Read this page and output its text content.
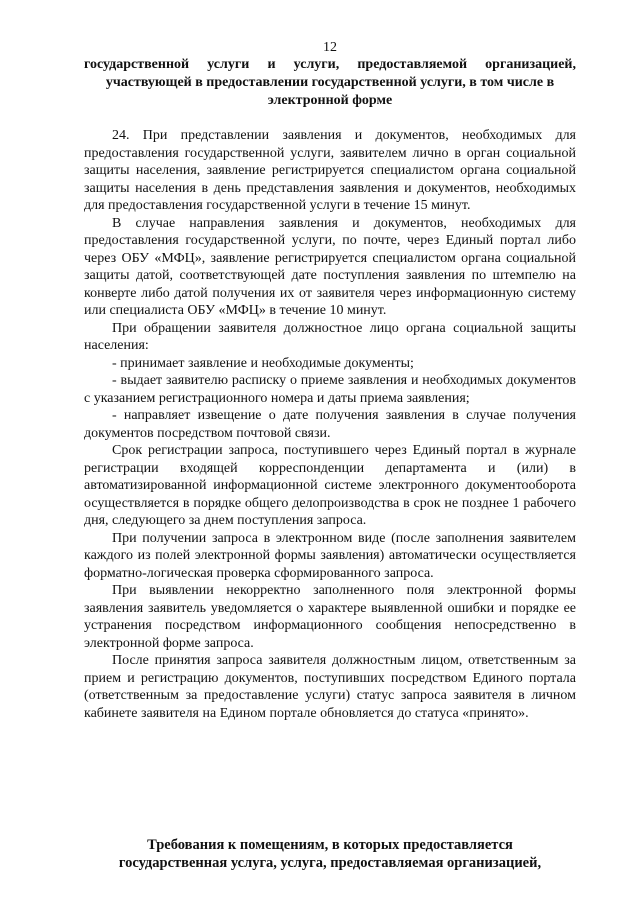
12
государственной услуги и услуги, предоставляемой организацией,
участвующей в предоставлении государственной услуги, в том числе в
электронной форме

24. При представлении заявления и документов, необходимых для предоставления государственной услуги, заявителем лично в орган социальной защиты населения, заявление регистрируется специалистом органа социальной защиты населения в день представления заявления и документов, необходимых для предоставления государственной услуги в течение 15 минут.

В случае направления заявления и документов, необходимых для предоставления государственной услуги, по почте, через Единый портал либо через ОБУ «МФЦ», заявление регистрируется специалистом органа социальной защиты датой, соответствующей дате поступления заявления по штемпелю на конверте либо датой получения их от заявителя через информационную систему или специалиста ОБУ «МФЦ» в течение 10 минут.

При обращении заявителя должностное лицо органа социальной защиты населения:

- принимает заявление и необходимые документы;

- выдает заявителю расписку о приеме заявления и необходимых документов с указанием регистрационного номера и даты приема заявления;

- направляет извещение о дате получения заявления в случае получения документов посредством почтовой связи.

Срок регистрации запроса, поступившего через Единый портал в журнале регистрации входящей корреспонденции департамента и (или) в автоматизированной информационной системе электронного документооборота осуществляется в порядке общего делопроизводства в срок не позднее 1 рабочего дня, следующего за днем поступления запроса.

При получении запроса в электронном виде (после заполнения заявителем каждого из полей электронной формы заявления) автоматически осуществляется форматно-логическая проверка сформированного запроса.

При выявлении некорректно заполненного поля электронной формы заявления заявитель уведомляется о характере выявленной ошибки и порядке ее устранения посредством информационного сообщения непосредственно в электронной форме запроса.

После принятия запроса заявителя должностным лицом, ответственным за прием и регистрацию документов, поступивших посредством Единого портала (ответственным за предоставление услуги) статус запроса заявителя в личном кабинете заявителя на Едином портале обновляется до статуса «принято».

Требования к помещениям, в которых предоставляется
государственная услуга, услуга, предоставляемая организацией,
